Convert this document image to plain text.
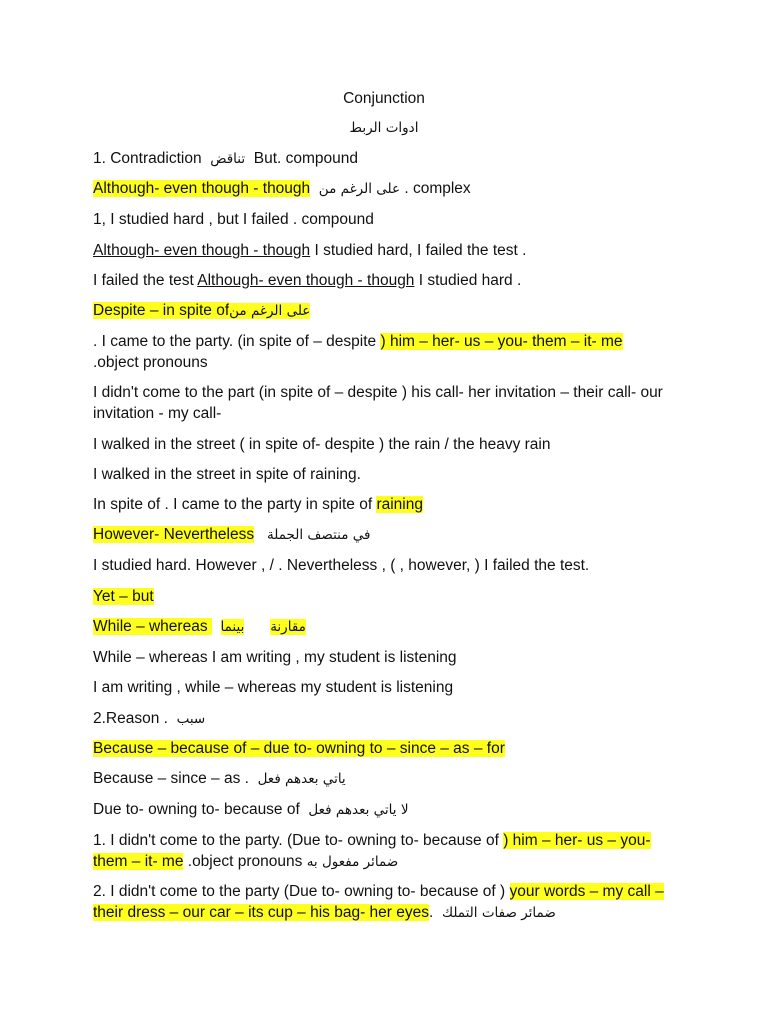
Conjunction
ادوات الربط
1. Contradiction تناقض But. compound
Although- even though - though على الرغم من . complex
1, I studied hard , but I failed . compound
Although- even though - though I studied hard, I failed the test .
I failed the test Although- even though - though I studied hard .
Despite – in spite ofعلى الرغم من
. I came to the party. (in spite of – despite ) him – her- us – you- them – it- me
.object pronouns
I didn't come to the part (in spite of – despite ) his call- her invitation – their call- our invitation - my call-
I walked in the street ( in spite of- despite ) the rain / the heavy rain
I walked in the street in spite of raining.
In spite of . I came to the party in spite of raining
However- Nevertheless في منتصف الجملة
I studied hard. However , / . Nevertheless , ( , however, ) I failed the test.
Yet – but
While – whereas   بينما مقارنة
While – whereas I am writing , my student is listening
I am writing , while – whereas my student is listening
2.Reason .  سبب
Because – because of – due to- owning to – since – as – for
Because – since – as .  ياتي بعدهم فعل
Due to- owning to- because of  لا ياتي بعدهم فعل
1. I didn't come to the party. (Due to- owning to- because of ) him – her- us – you- them – it- me .object pronouns ضمائر مفعول به
2. I didn't come to the party (Due to- owning to- because of ) your words – my call – their dress – our car – its cup – his bag- her eyes. ضمائر صفات التملك
